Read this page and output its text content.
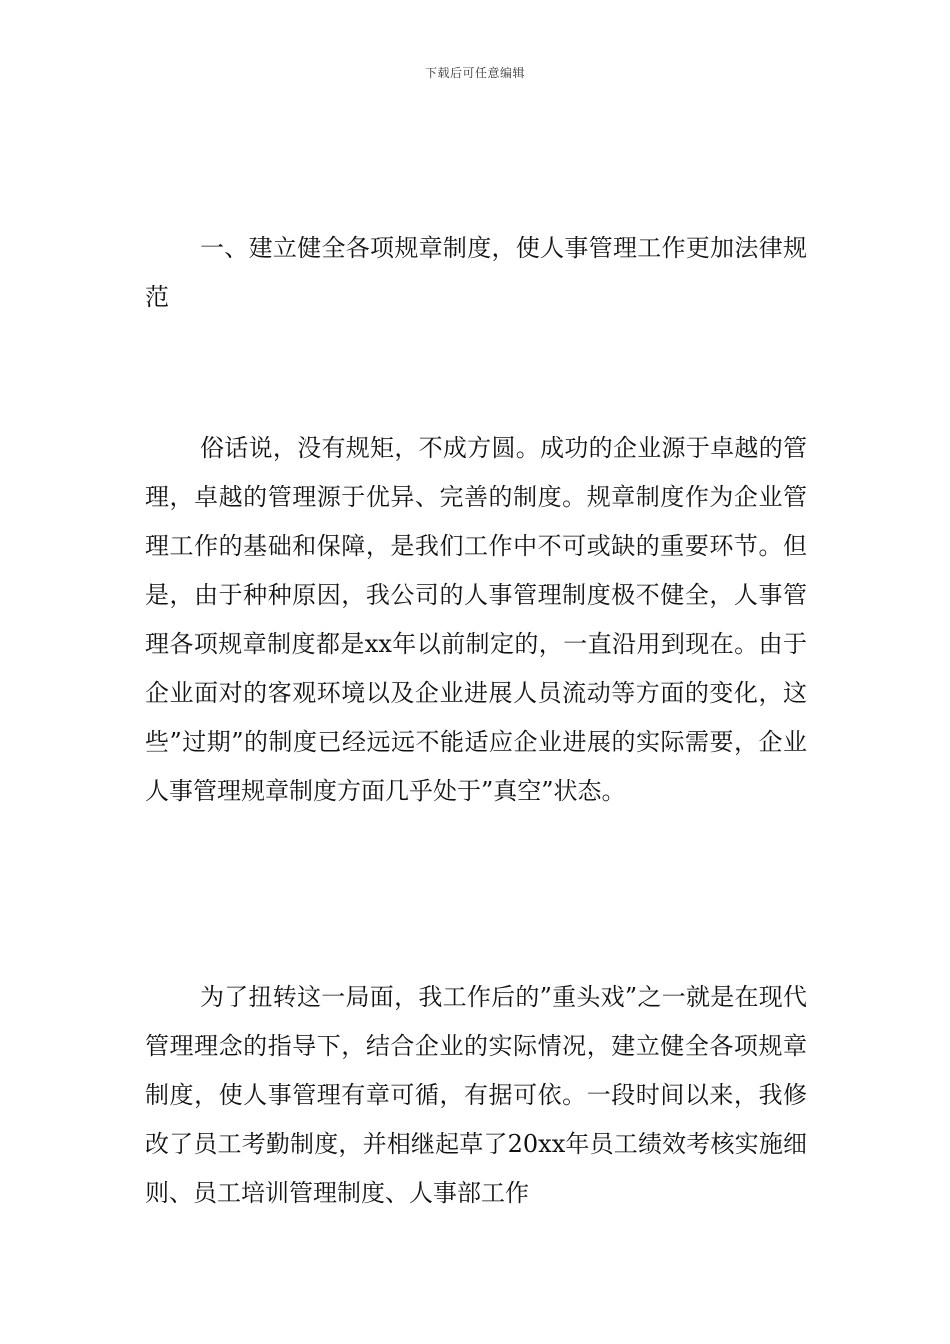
下载后可任意编辑

一、建立健全各项规章制度，使人事管理工作更加法律规范

俗话说，没有规矩，不成方圆。成功的企业源于卓越的管理，卓越的管理源于优异、完善的制度。规章制度作为企业管理工作的基础和保障，是我们工作中不可或缺的重要环节。但是，由于种种原因，我公司的人事管理制度极不健全，人事管理各项规章制度都是xx年以前制定的，一直沿用到现在。由于企业面对的客观环境以及企业进展人员流动等方面的变化，这些”过期”的制度已经远远不能适应企业进展的实际需要，企业人事管理规章制度方面几乎处于”真空”状态。

为了扭转这一局面，我工作后的”重头戏”之一就是在现代管理理念的指导下，结合企业的实际情况，建立健全各项规章制度，使人事管理有章可循，有据可依。一段时间以来，我修改了员工考勤制度，并相继起草了20xx年员工绩效考核实施细则、员工培训管理制度、人事部工作
